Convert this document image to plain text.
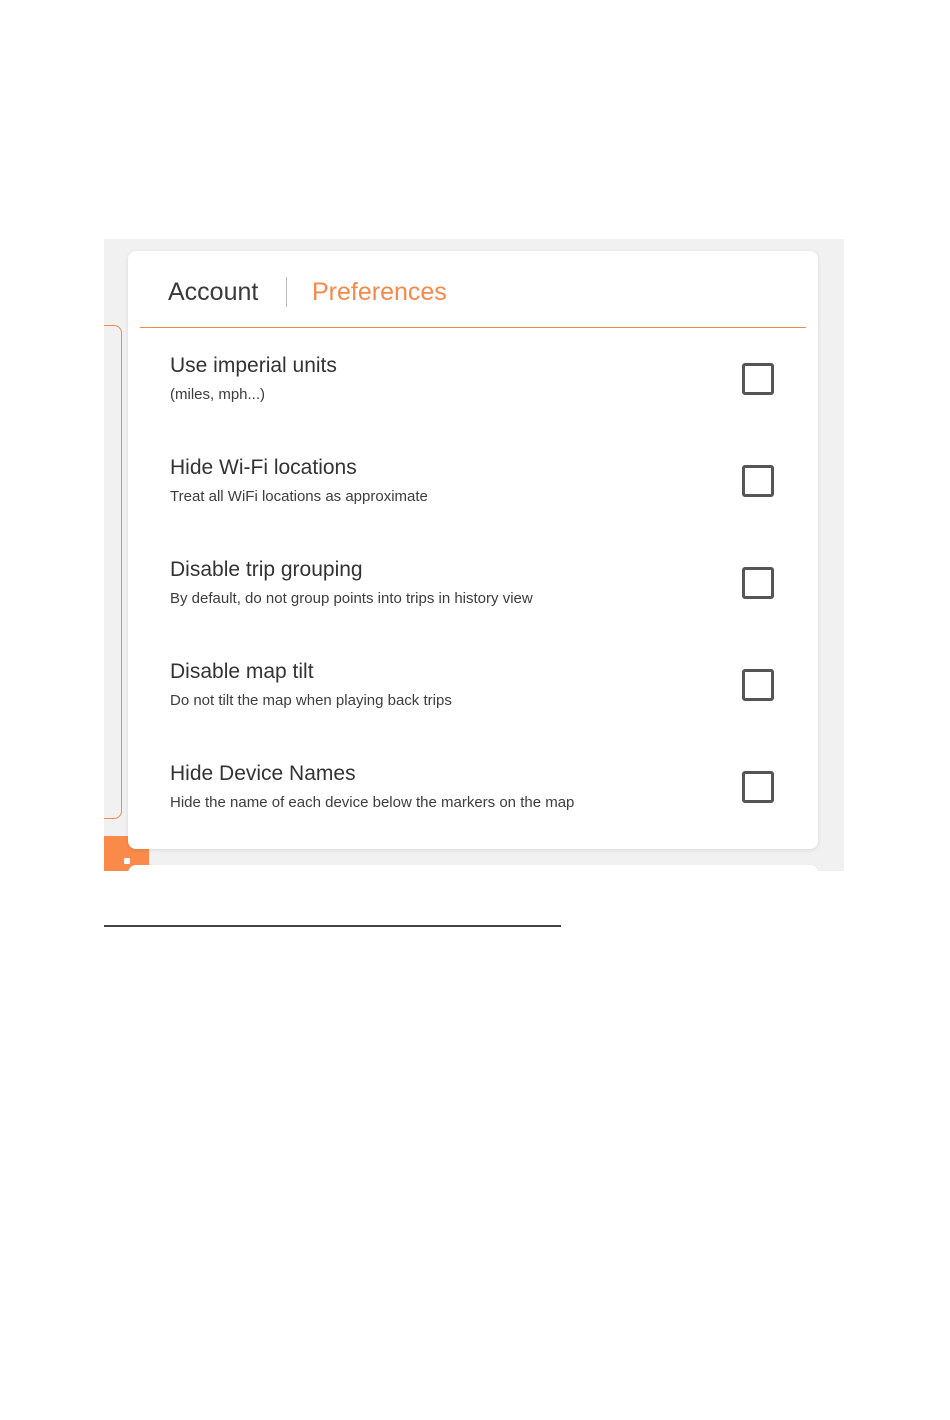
Account Preferences
Use imperial units
(miles, mph...)
Hide Wi-Fi locations
Treat all WiFi locations as approximate
Disable trip grouping
By default, do not group points into trips in history view
Disable map tilt
Do not tilt the map when playing back trips
Hide Device Names
Hide the name of each device below the markers on the map
